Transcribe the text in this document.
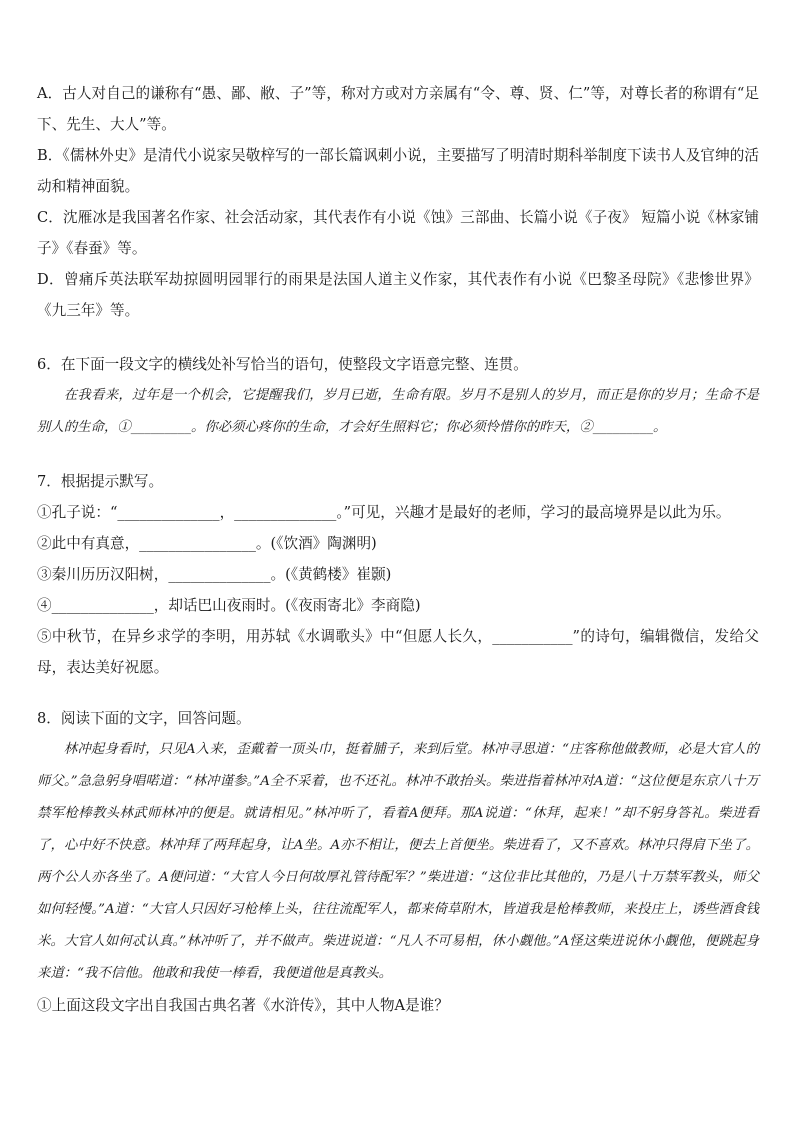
A．古人对自己的谦称有“愚、鄙、敝、子”等，称对方或对方亲属有“令、尊、贤、仁”等，对尊长者的称谓有“足下、先生、大人”等。

B．《儒林外史》是清代小说家吴敬梓写的一部长篇讽刺小说，主要描写了明清时期科举制度下读书人及官绅的活动和精神面貌。

C．沈雁冰是我国著名作家、社会活动家，其代表作有小说《蚀》三部曲、长篇小说《子夜》 短篇小说《林家铺子》《春蚕》等。

D．曾痛斥英法联军劫掠圆明园罪行的雨果是法国人道主义作家，其代表作有小说《巴黎圣母院》《悲惨世界》《九三年》等。

6．在下面一段文字的横线处补写恰当的语句，使整段文字语意完整、连贯。

在我看来，过年是一个机会，它提醒我们，岁月已逝，生命有限。岁月不是别人的岁月，而正是你的岁月；生命不是别人的生命，①_________。你必须心疼你的生命，才会好生照料它；你必须怜惜你的昨天，②_________。

7．根据提示默写。

①孔子说：“______________，______________。”可见，兴趣才是最好的老师，学习的最高境界是以此为乐。

②此中有真意，________________。(《饮酒》陶渊明)

③秦川历历汉阳树，______________。(《黄鹤楼》崔颢)

④______________，却话巴山夜雨时。(《夜雨寄北》李商隐)

⑤中秋节，在异乡求学的李明，用苏轼《水调歌头》中“但愿人长久，___________”的诗句，编辑微信，发给父母，表达美好祝愿。

8．阅读下面的文字，回答问题。

林冲起身看时，只见A入来，歪戴着一顶头巾，挺着脯子，来到后堂。林冲寻思道：“庄客称他做教师，必是大官人的师父。”急急躬身唱喏道：“林冲谨参。”A全不采着，也不还礼。林冲不敢抬头。柴进指着林冲对A道：“这位便是东京八十万禁军枪棒教头林武师林冲的便是。就请相见。”林冲听了，看着A便拜。那A说道：“休拜，起来！”却不躬身答礼。柴进看了，心中好不快意。林冲拜了两拜起身，让A坐。A亦不相让，便去上首便坐。柴进看了，又不喜欢。林冲只得肩下坐了。两个公人亦各坐了。A便问道：“大官人今日何故厚礼管待配军？”柴进道：“这位非比其他的，乃是八十万禁军教头，师父如何轻慢。”A道：“大官人只因好习枪棒上头，往往流配军人，都来倚草附木，皆道我是枪棒教师，来投庄上，诱些酒食钱米。大官人如何忒认真。”林冲听了，并不做声。柴进说道：“凡人不可易相，休小觑他。”A怪这柴进说休小觑他，便跳起身来道：“我不信他。他敢和我使一棒看，我便道他是真教头。

①上面这段文字出自我国古典名著《水浒传》，其中人物A是谁？
